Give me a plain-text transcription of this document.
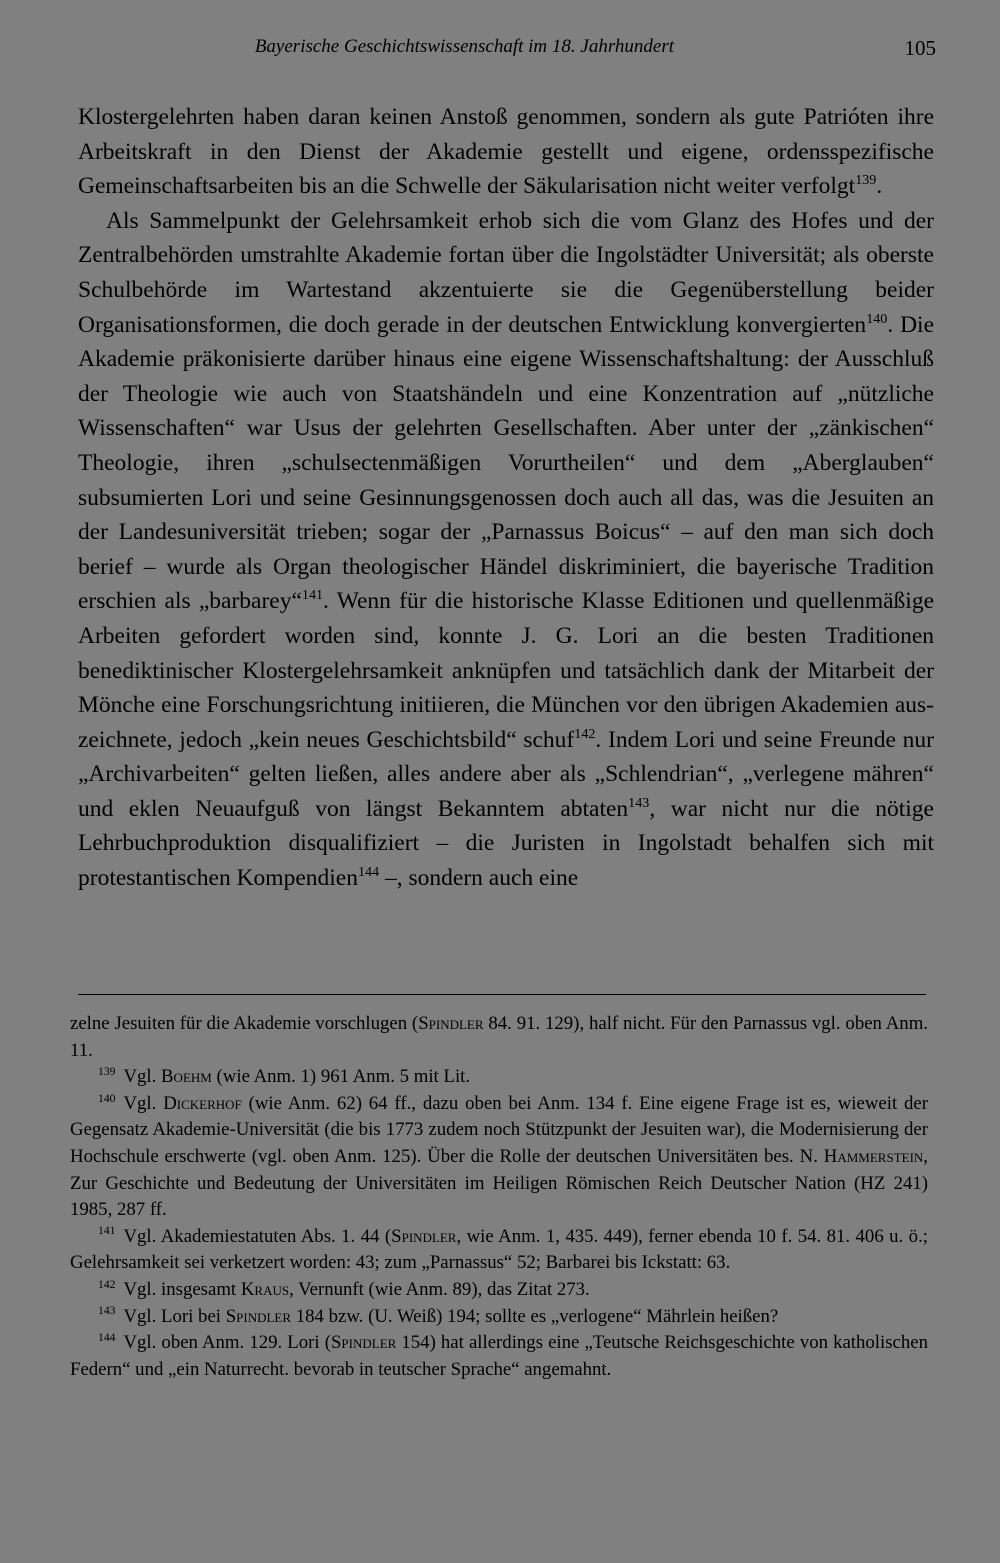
Bayerische Geschichtswissenschaft im 18. Jahrhundert	105

Klostergelehrten haben daran keinen Anstoß genommen, sondern als gute Patrióten ihre Arbeitskraft in den Dienst der Akademie gestellt und eigene, ordensspezifische Gemeinschaftsarbeiten bis an die Schwelle der Säkularisation nicht weiter verfolgt$^{139}$.

Als Sammelpunkt der Gelehrsamkeit erhob sich die vom Glanz des Hofes und der Zentralbehörden umstrahlte Akademie fortan über die Ingolstädter Universität; als oberste Schulbehörde im Wartestand akzentuierte sie die Gegenüberstellung beider Organisationsformen, die doch gerade in der deutschen Entwicklung konvergierten$^{140}$. Die Akademie präkonisierte darüber hinaus eine eigene Wissenschaftshaltung: der Ausschluß der Theologie wie auch von Staatshändeln und eine Konzentration auf „nützliche Wissenschaften“ war Usus der gelehrten Gesellschaften. Aber unter der „zänkischen“ Theologie, ihren „schulsectenmäßigen Vorurtheilen“ und dem „Aberglauben“ subsumierten Lori und seine Gesinnungsgenossen doch auch all das, was die Jesuiten an der Landesuniversität trieben; sogar der „Parnassus Boicus“ – auf den man sich doch berief – wurde als Organ theologischer Händel diskriminiert, die bayerische Tradition erschien als „barbarey“$^{141}$. Wenn für die historische Klasse Editionen und quellenmäßige Arbeiten gefordert worden sind, konnte J. G. Lori an die besten Traditionen benediktinischer Klostergelehrsamkeit anknüpfen und tatsächlich dank der Mitarbeit der Mönche eine Forschungsrichtung initiieren, die München vor den übrigen Akademien auszeichnete, jedoch „kein neues Geschichtsbild“ schuf$^{142}$. Indem Lori und seine Freunde nur „Archivarbeiten“ gelten ließen, alles andere aber als „Schlendrian“, „verlegene mähren“ und eklen Neuaufguß von längst Bekanntem abtaten$^{143}$, war nicht nur die nötige Lehrbuchproduktion disqualifiziert – die Juristen in Ingolstadt behalfen sich mit protestantischen Kompendien$^{144}$ –, sondern auch eine

zelne Jesuiten für die Akademie vorschlugen (Spindler 84. 91. 129), half nicht. Für den Parnassus vgl. oben Anm. 11.

$^{139}$ Vgl. Boehm (wie Anm. 1) 961 Anm. 5 mit Lit.

$^{140}$ Vgl. Dickerhof (wie Anm. 62) 64 ff., dazu oben bei Anm. 134 f. Eine eigene Frage ist es, wieweit der Gegensatz Akademie-Universität (die bis 1773 zudem noch Stützpunkt der Jesuiten war), die Modernisierung der Hochschule erschwerte (vgl. oben Anm. 125). Über die Rolle der deutschen Universitäten bes. N. Hammerstein, Zur Geschichte und Bedeutung der Universitäten im Heiligen Römischen Reich Deutscher Nation (HZ 241) 1985, 287 ff.

$^{141}$ Vgl. Akademiestatuten Abs. 1. 44 (Spindler, wie Anm. 1, 435. 449), ferner ebenda 10 f. 54. 81. 406 u. ö.; Gelehrsamkeit sei verketzert worden: 43; zum „Parnassus“ 52; Barbarei bis Ickstatt: 63.

$^{142}$ Vgl. insgesamt Kraus, Vernunft (wie Anm. 89), das Zitat 273.

$^{143}$ Vgl. Lori bei Spindler 184 bzw. (U. Weiß) 194; sollte es „verlogene“ Mährlein heißen?

$^{144}$ Vgl. oben Anm. 129. Lori (Spindler 154) hat allerdings eine „Teutsche Reichsgeschichte von katholischen Federn“ und „ein Naturrecht. bevorab in teutscher Sprache“ angemahnt.
